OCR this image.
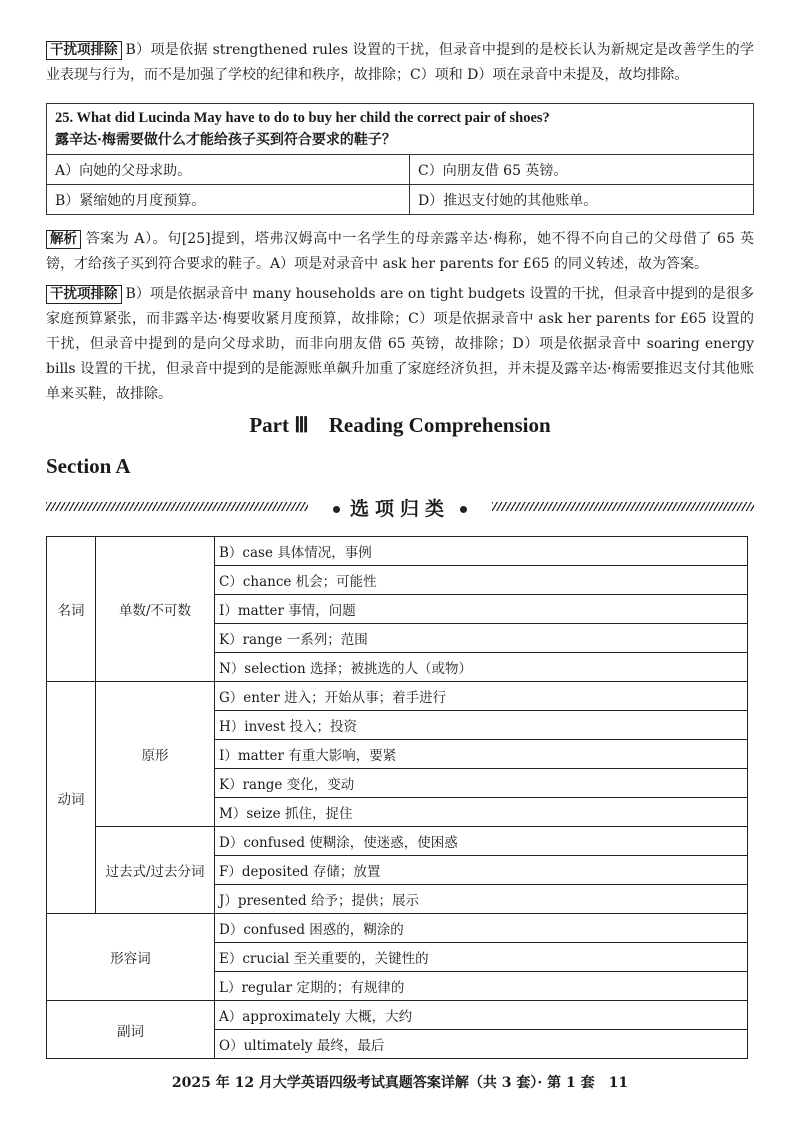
干扰项排除 B）项是依据 strengthened rules 设置的干扰，但录音中提到的是校长认为新规定是改善学生的学业表现与行为，而不是加强了学校的纪律和秩序，故排除；C）项和 D）项在录音中未提及，故均排除。

25. What did Lucinda May have to do to buy her child the correct pair of shoes?
露辛达·梅需要做什么才能给孩子买到符合要求的鞋子？	

A）向她的父母求助。	C）向朋友借 65 英镑。
B）紧缩她的月度预算。	D）推迟支付她的其他账单。

解析 答案为 A）。句[25]提到，塔弗汉姆高中一名学生的母亲露辛达·梅称，她不得不向自己的父母借了 65 英镑，才给孩子买到符合要求的鞋子。A）项是对录音中 ask her parents for £65 的同义转述，故为答案。

干扰项排除 B）项是依据录音中 many households are on tight budgets 设置的干扰，但录音中提到的是很多家庭预算紧张，而非露辛达·梅要收紧月度预算，故排除；C）项是依据录音中 ask her parents for £65 设置的干扰，但录音中提到的是向父母求助，而非向朋友借 65 英镑，故排除；D）项是依据录音中 soaring energy bills 设置的干扰，但录音中提到的是能源账单飙升加重了家庭经济负担，并未提及露辛达·梅需要推迟支付其他账单来买鞋，故排除。

Part Ⅲ Reading Comprehension
Section A
选项归类
名词	单数/不可数	B）case 具体情况，事例
		C）chance 机会；可能性
		I）matter 事情，问题
		K）range 一系列；范围
		N）selection 选择；被挑选的人（或物）
动词	原形	G）enter 进入；开始从事；着手进行
		H）invest 投入；投资
		I）matter 有重大影响，要紧
		K）range 变化，变动
		M）seize 抓住，捉住
	过去式/过去分词	D）confused 使糊涂，使迷惑，使困惑
		F）deposited 存储；放置
		J）presented 给予；提供；展示
形容词		D）confused 困惑的，糊涂的
		E）crucial 至关重要的，关键性的
		L）regular 定期的；有规律的
副词		A）approximately 大概，大约
		O）ultimately 最终，最后
2025 年 12 月大学英语四级考试真题答案详解（共 3 套）· 第 1 套 11
